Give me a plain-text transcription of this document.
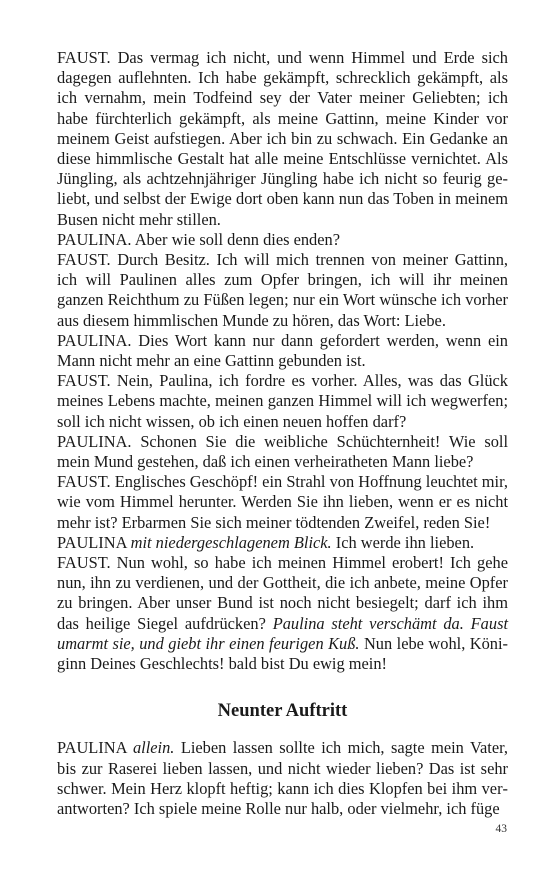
FAUST. Das vermag ich nicht, und wenn Himmel und Erde sich dagegen auflehnten. Ich habe gekämpft, schrecklich gekämpft, als ich vernahm, mein Todfeind sey der Vater meiner Geliebten; ich habe fürchterlich gekämpft, als meine Gattinn, meine Kinder vor meinem Geist aufstiegen. Aber ich bin zu schwach. Ein Gedanke an diese himmlische Gestalt hat alle meine Entschlüsse vernichtet. Als Jüngling, als achtzehnjähriger Jüngling habe ich nicht so feurig geliebt, und selbst der Ewige dort oben kann nun das Toben in meinem Busen nicht mehr stillen.

PAULINA. Aber wie soll denn dies enden?

FAUST. Durch Besitz. Ich will mich trennen von meiner Gattinn, ich will Paulinen alles zum Opfer bringen, ich will ihr meinen ganzen Reichthum zu Füßen legen; nur ein Wort wünsche ich vorher aus diesem himmlischen Munde zu hören, das Wort: Liebe.

PAULINA. Dies Wort kann nur dann gefordert werden, wenn ein Mann nicht mehr an eine Gattinn gebunden ist.

FAUST. Nein, Paulina, ich fordre es vorher. Alles, was das Glück meines Lebens machte, meinen ganzen Himmel will ich wegwerfen; soll ich nicht wissen, ob ich einen neuen hoffen darf?

PAULINA. Schonen Sie die weibliche Schüchternheit! Wie soll mein Mund gestehen, daß ich einen verheiratheten Mann liebe?

FAUST. Englisches Geschöpf! ein Strahl von Hoffnung leuchtet mir, wie vom Himmel herunter. Werden Sie ihn lieben, wenn er es nicht mehr ist? Erbarmen Sie sich meiner tödtenden Zweifel, reden Sie!

PAULINA mit niedergeschlagenem Blick. Ich werde ihn lieben.

FAUST. Nun wohl, so habe ich meinen Himmel erobert! Ich gehe nun, ihn zu verdienen, und der Gottheit, die ich anbete, meine Opfer zu bringen. Aber unser Bund ist noch nicht besiegelt; darf ich ihm das heilige Siegel aufdrücken? Paulina steht verschämt da. Faust umarmt sie, und giebt ihr einen feurigen Kuß. Nun lebe wohl, Königinn Deines Geschlechts! bald bist Du ewig mein!

Neunter Auftritt

PAULINA allein. Lieben lassen sollte ich mich, sagte mein Vater, bis zur Raserei lieben lassen, und nicht wieder lieben? Das ist sehr schwer. Mein Herz klopft heftig; kann ich dies Klopfen bei ihm verantworten? Ich spiele meine Rolle nur halb, oder vielmehr, ich füge

43
